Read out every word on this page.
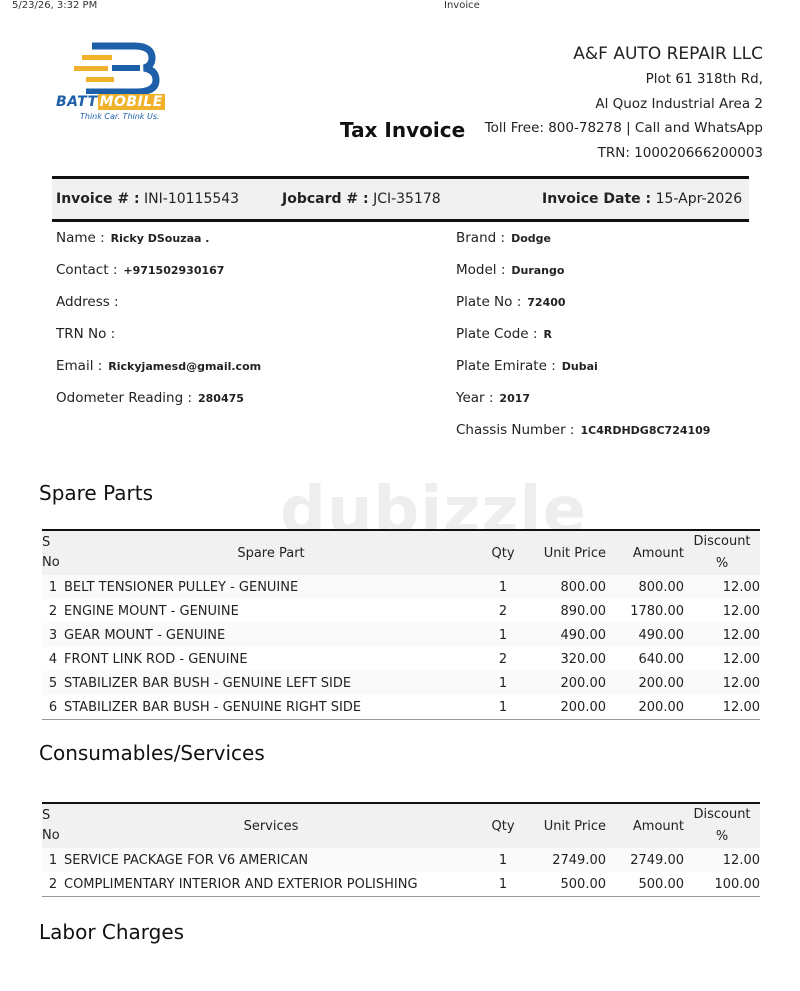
5/23/26, 3:32 PM	Invoice
BATT MOBILE
Think Car. Think Us.
A&F AUTO REPAIR LLC
Plot 61 318th Rd,
Al Quoz Industrial Area 2
Toll Free: 800-78278 | Call and WhatsApp
TRN: 100020666200003
Tax Invoice
Invoice # : INI-10115543	Jobcard # : JCI-35178	Invoice Date : 15-Apr-2026
Name : Ricky DSouzaa .
Contact : +971502930167
Address :
TRN No :
Email : Rickyjamesd@gmail.com
Odometer Reading : 280475
Brand : Dodge
Model : Durango
Plate No : 72400
Plate Code : R
Plate Emirate : Dubai
Year : 2017
Chassis Number : 1C4RDHDG8C724109
dubizzle
Spare Parts
S
No	Spare Part	Qty	Unit Price	Amount	Discount
%
1	BELT TENSIONER PULLEY - GENUINE	1	800.00	800.00	12.00
2	ENGINE MOUNT - GENUINE	2	890.00	1780.00	12.00
3	GEAR MOUNT - GENUINE	1	490.00	490.00	12.00
4	FRONT LINK ROD - GENUINE	2	320.00	640.00	12.00
5	STABILIZER BAR BUSH - GENUINE LEFT SIDE	1	200.00	200.00	12.00
6	STABILIZER BAR BUSH - GENUINE RIGHT SIDE	1	200.00	200.00	12.00
Consumables/Services
S
No	Services	Qty	Unit Price	Amount	Discount
%
1	SERVICE PACKAGE FOR V6 AMERICAN	1	2749.00	2749.00	12.00
2	COMPLIMENTARY INTERIOR AND EXTERIOR POLISHING	1	500.00	500.00	100.00
Labor Charges
